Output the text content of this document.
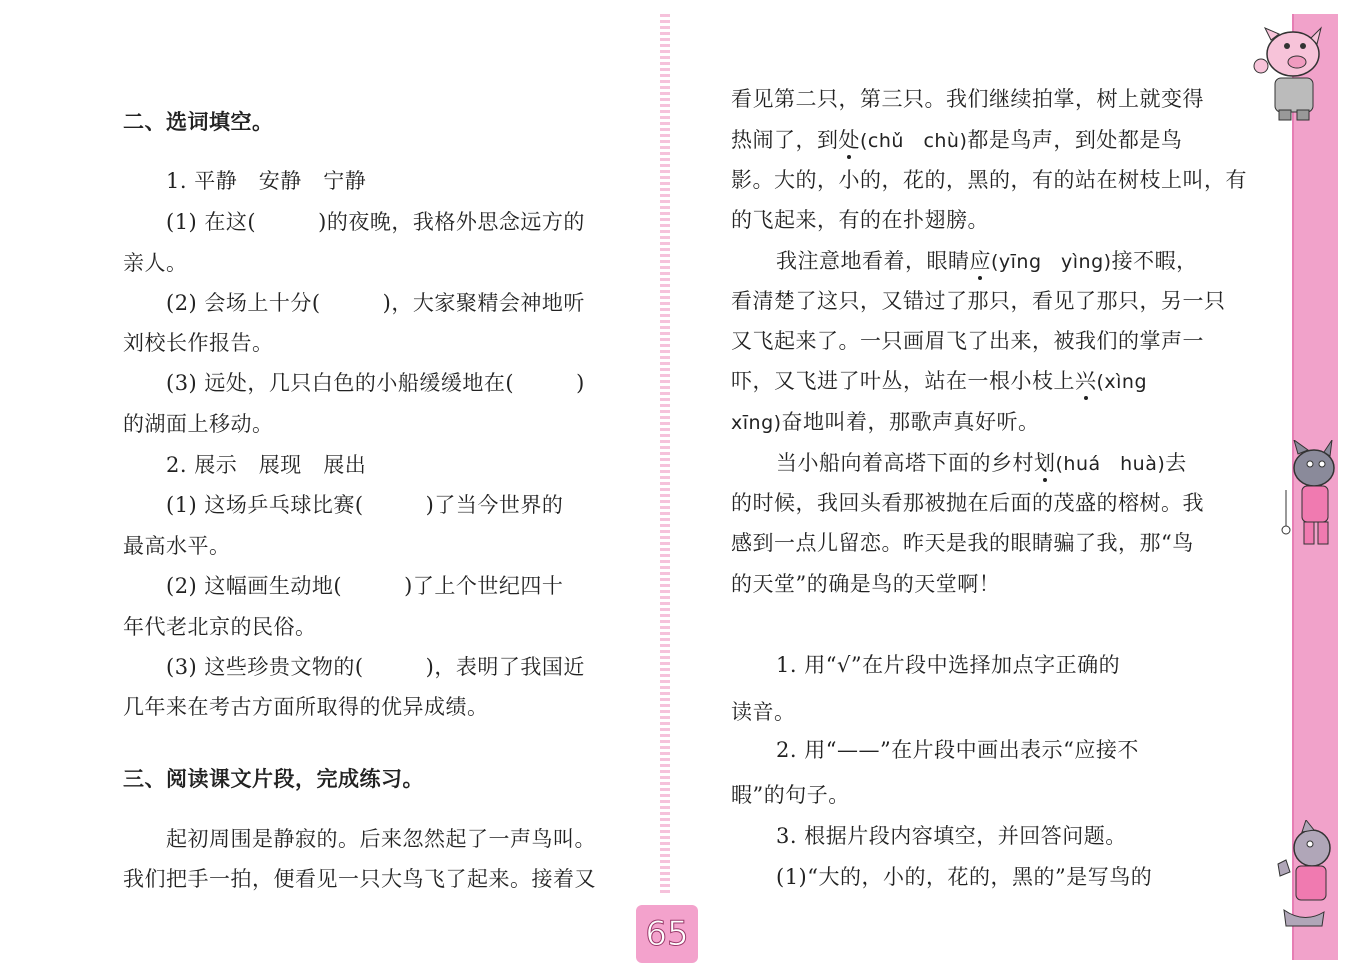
二、选词填空。
1. 平静　安静　宁静
(1) 在这(	)的夜晚，我格外思念远方的
亲人。
(2) 会场上十分(	)，大家聚精会神地听
刘校长作报告。
(3) 远处，几只白色的小船缓缓地在(	)
的湖面上移动。
2. 展示　展现　展出
(1) 这场乒乓球比赛(	)了当今世界的
最高水平。
(2) 这幅画生动地(	)了上个世纪四十
年代老北京的民俗。
(3) 这些珍贵文物的(	)，表明了我国近
几年来在考古方面所取得的优异成绩。
三、阅读课文片段，完成练习。
起初周围是静寂的。后来忽然起了一声鸟叫。
我们把手一拍，便看见一只大鸟飞了起来。接着又
65
看见第二只，第三只。我们继续拍掌，树上就变得
热闹了，到处(chǔ　chù)都是鸟声，到处都是鸟
影。大的，小的，花的，黑的，有的站在树枝上叫，有
的飞起来，有的在扑翅膀。
我注意地看着，眼睛应(yīng　yìng)接不暇，
看清楚了这只，又错过了那只，看见了那只，另一只
又飞起来了。一只画眉飞了出来，被我们的掌声一
吓，又飞进了叶丛，站在一根小枝上兴(xìng
xīng)奋地叫着，那歌声真好听。
当小船向着高塔下面的乡村划(huá　huà)去
的时候，我回头看那被抛在后面的茂盛的榕树。我
感到一点儿留恋。昨天是我的眼睛骗了我，那“鸟
的天堂”的确是鸟的天堂啊！
1. 用“√”在片段中选择加点字正确的
读音。
2. 用“——”在片段中画出表示“应接不
暇”的句子。
3. 根据片段内容填空，并回答问题。
(1)“大的，小的，花的，黑的”是写鸟的
